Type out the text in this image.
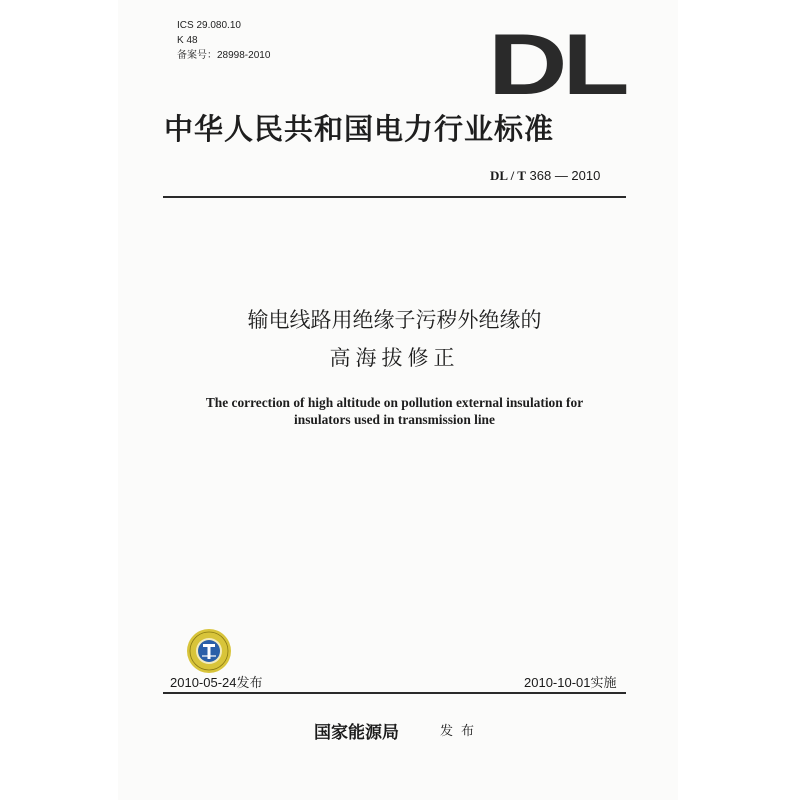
ICS 29.080.10
K 48
备案号：28998-2010	DL
中华人民共和国电力行业标准
DL / T 368 — 2010
输电线路用绝缘子污秽外绝缘的
高海拔修正
The correction of high altitude on pollution external insulation for
insulators used in transmission line
2010-05-24发布	2010-10-01实施
国家能源局	发布
